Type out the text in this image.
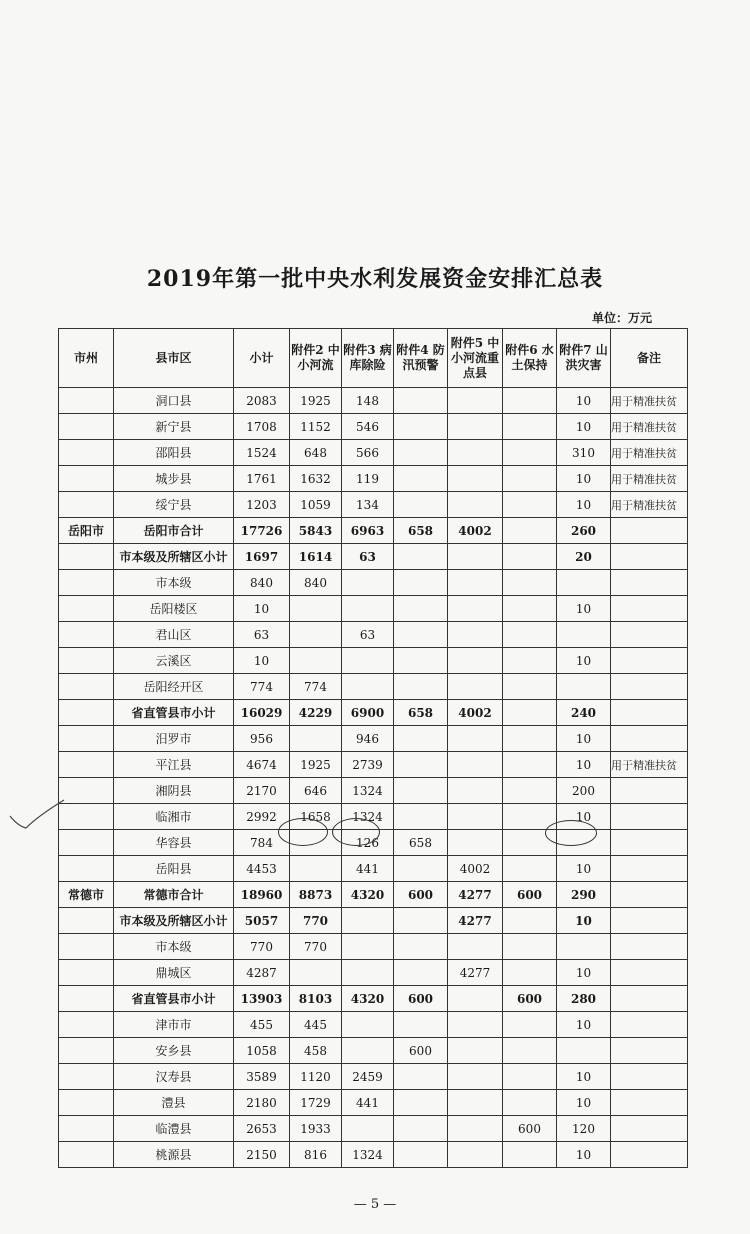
2019年第一批中央水利发展资金安排汇总表
单位：万元
市州	县市区	小计	附件2 中小河流	附件3 病库除险	附件4 防汛预警	附件5 中小河流重点县	附件6 水土保持	附件7 山洪灾害	备注
	洞口县	2083	1925	148				10	用于精准扶贫
	新宁县	1708	1152	546				10	用于精准扶贫
	邵阳县	1524	648	566				310	用于精准扶贫
	城步县	1761	1632	119				10	用于精准扶贫
	绥宁县	1203	1059	134				10	用于精准扶贫
岳阳市	岳阳市合计	17726	5843	6963	658	4002		260	
	市本级及所辖区小计	1697	1614	63				20	
	市本级	840	840						
	岳阳楼区	10						10	
	君山区	63		63					
	云溪区	10						10	
	岳阳经开区	774	774						
	省直管县市小计	16029	4229	6900	658	4002		240	
	汨罗市	956		946				10	
	平江县	4674	1925	2739				10	用于精准扶贫
	湘阴县	2170	646	1324				200	
	临湘市	2992	1658	1324				10	
	华容县	784		126	658				
	岳阳县	4453		441		4002		10	
常德市	常德市合计	18960	8873	4320	600	4277	600	290	
	市本级及所辖区小计	5057	770			4277		10	
	市本级	770	770						
	鼎城区	4287				4277		10	
	省直管县市小计	13903	8103	4320	600		600	280	
	津市市	455	445					10	
	安乡县	1058	458		600				
	汉寿县	3589	1120	2459				10	
	澧县	2180	1729	441				10	
	临澧县	2653	1933				600	120	
	桃源县	2150	816	1324				10	
— 5 —
